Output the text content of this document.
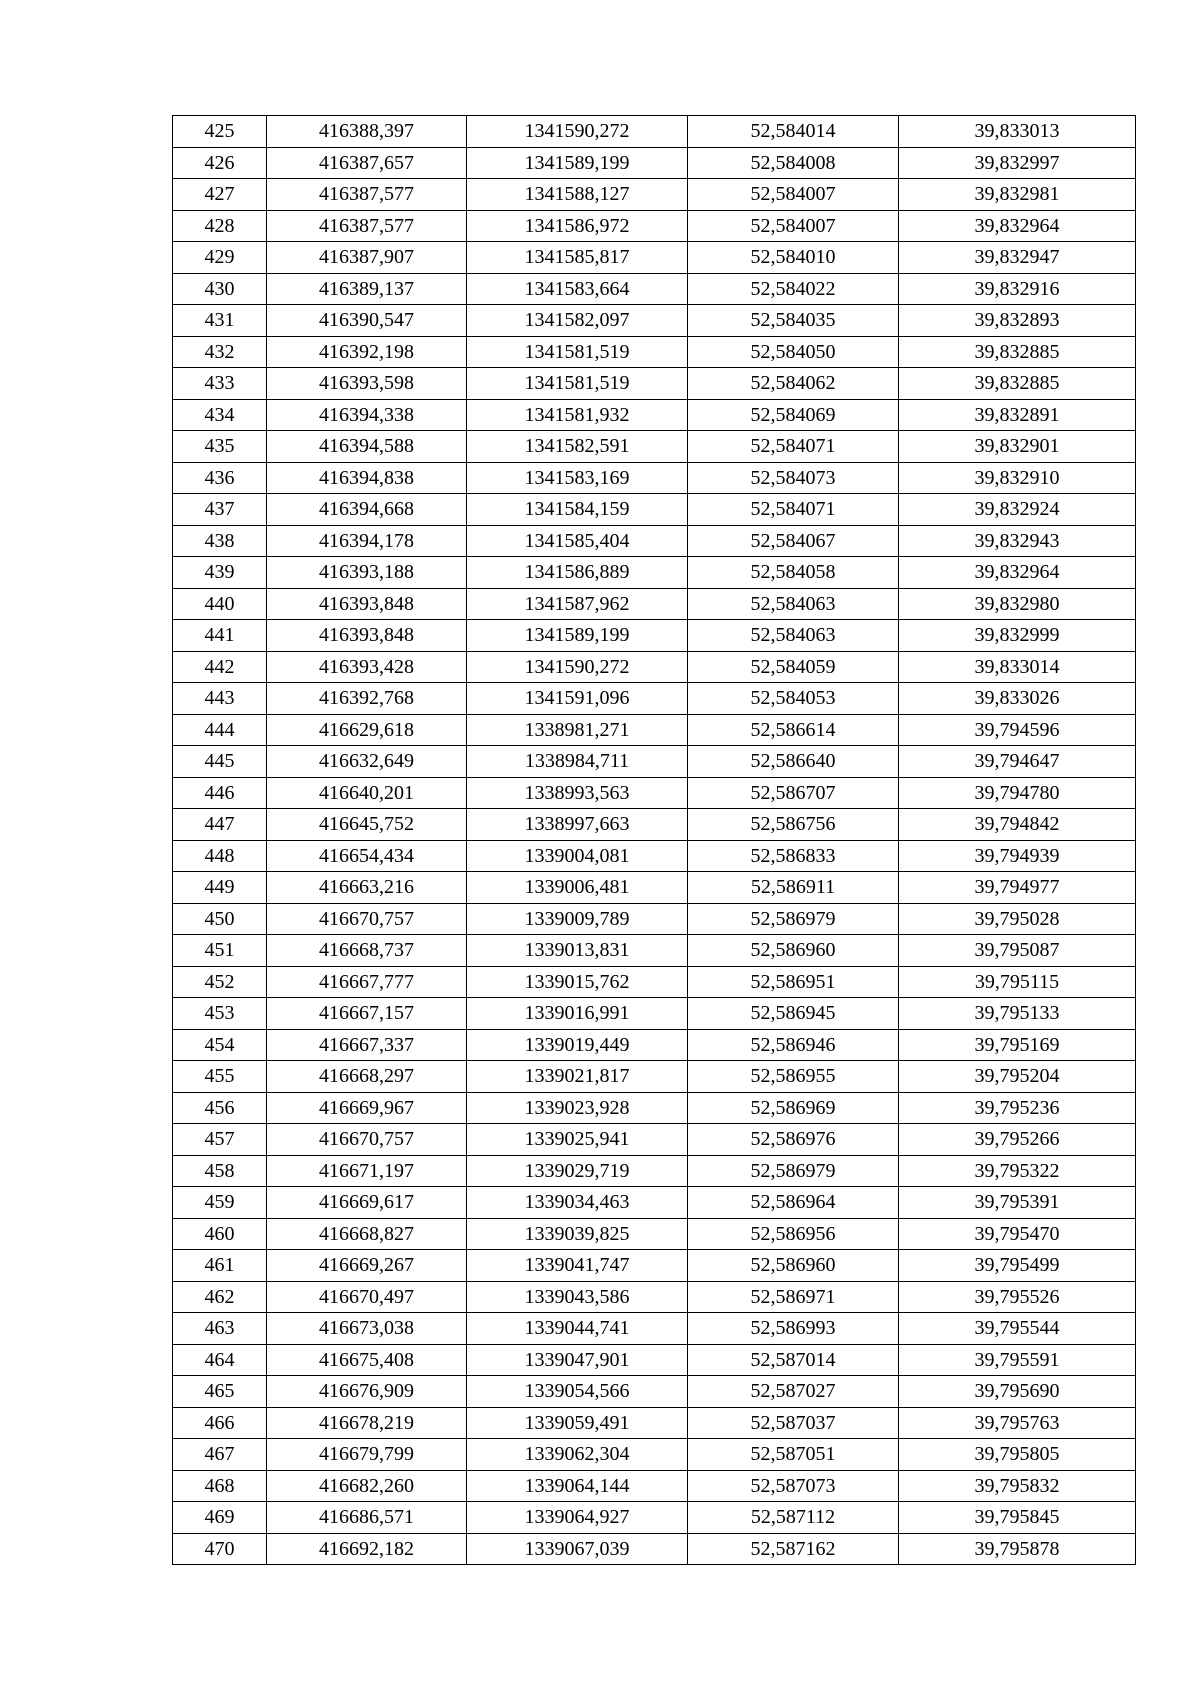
425	416388,397	1341590,272	52,584014	39,833013
426	416387,657	1341589,199	52,584008	39,832997
427	416387,577	1341588,127	52,584007	39,832981
428	416387,577	1341586,972	52,584007	39,832964
429	416387,907	1341585,817	52,584010	39,832947
430	416389,137	1341583,664	52,584022	39,832916
431	416390,547	1341582,097	52,584035	39,832893
432	416392,198	1341581,519	52,584050	39,832885
433	416393,598	1341581,519	52,584062	39,832885
434	416394,338	1341581,932	52,584069	39,832891
435	416394,588	1341582,591	52,584071	39,832901
436	416394,838	1341583,169	52,584073	39,832910
437	416394,668	1341584,159	52,584071	39,832924
438	416394,178	1341585,404	52,584067	39,832943
439	416393,188	1341586,889	52,584058	39,832964
440	416393,848	1341587,962	52,584063	39,832980
441	416393,848	1341589,199	52,584063	39,832999
442	416393,428	1341590,272	52,584059	39,833014
443	416392,768	1341591,096	52,584053	39,833026
444	416629,618	1338981,271	52,586614	39,794596
445	416632,649	1338984,711	52,586640	39,794647
446	416640,201	1338993,563	52,586707	39,794780
447	416645,752	1338997,663	52,586756	39,794842
448	416654,434	1339004,081	52,586833	39,794939
449	416663,216	1339006,481	52,586911	39,794977
450	416670,757	1339009,789	52,586979	39,795028
451	416668,737	1339013,831	52,586960	39,795087
452	416667,777	1339015,762	52,586951	39,795115
453	416667,157	1339016,991	52,586945	39,795133
454	416667,337	1339019,449	52,586946	39,795169
455	416668,297	1339021,817	52,586955	39,795204
456	416669,967	1339023,928	52,586969	39,795236
457	416670,757	1339025,941	52,586976	39,795266
458	416671,197	1339029,719	52,586979	39,795322
459	416669,617	1339034,463	52,586964	39,795391
460	416668,827	1339039,825	52,586956	39,795470
461	416669,267	1339041,747	52,586960	39,795499
462	416670,497	1339043,586	52,586971	39,795526
463	416673,038	1339044,741	52,586993	39,795544
464	416675,408	1339047,901	52,587014	39,795591
465	416676,909	1339054,566	52,587027	39,795690
466	416678,219	1339059,491	52,587037	39,795763
467	416679,799	1339062,304	52,587051	39,795805
468	416682,260	1339064,144	52,587073	39,795832
469	416686,571	1339064,927	52,587112	39,795845
470	416692,182	1339067,039	52,587162	39,795878
